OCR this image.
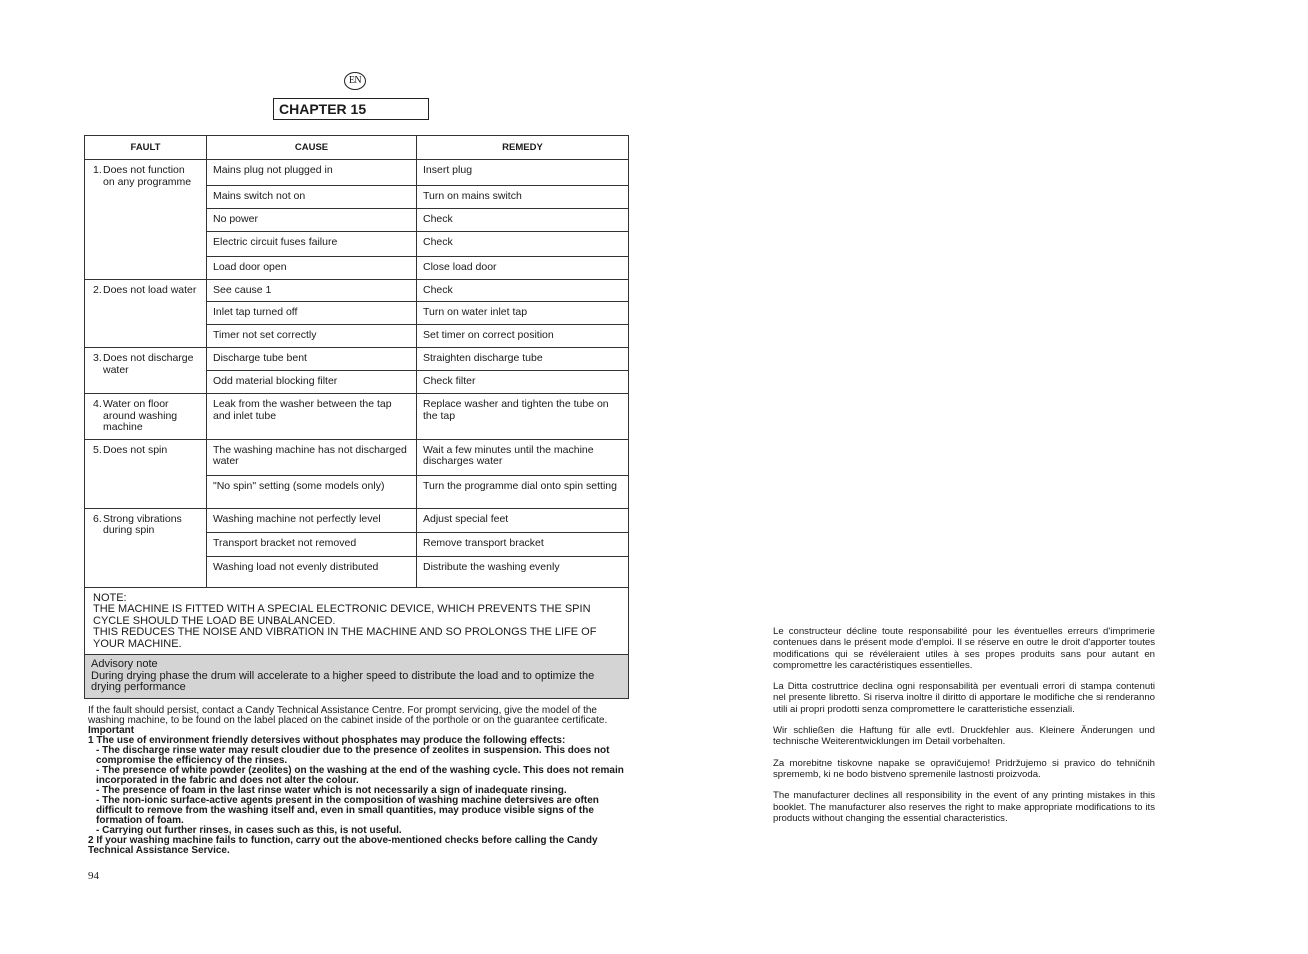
EN
CHAPTER 15
FAULT	CAUSE	REMEDY
1.Does not function on any programme	Mains plug not plugged in	Insert plug
	Mains switch not on	Turn on mains switch
	No power	Check
	Electric circuit fuses failure	Check
	Load door open	Close load door
2.Does not load water	See cause 1	Check
	Inlet tap turned off	Turn on water inlet tap
	Timer not set correctly	Set timer on correct position
3.Does not discharge water	Discharge tube bent	Straighten discharge tube
	Odd material blocking filter	Check filter
4.Water on floor around washing machine	Leak from the washer between the tap and inlet tube	Replace washer and tighten the tube on the tap
5.Does not spin	The washing machine has not discharged water	Wait a few minutes until the machine discharges water
	"No spin" setting (some models only)	Turn the programme dial onto spin setting
6.Strong vibrations during spin	Washing machine not perfectly level	Adjust special feet
	Transport bracket not removed	Remove transport bracket
	Washing load not evenly distributed	Distribute the washing evenly

NOTE:
THE MACHINE IS FITTED WITH A SPECIAL ELECTRONIC DEVICE, WHICH PREVENTS THE SPIN CYCLE SHOULD THE LOAD BE UNBALANCED.
THIS REDUCES THE NOISE AND VIBRATION IN THE MACHINE AND SO PROLONGS THE LIFE OF YOUR MACHINE.		

Advisory note
During drying phase the drum will accelerate to a higher speed to distribute the load and to optimize the drying performance		
If the fault should persist, contact a Candy Technical Assistance Centre. For prompt servicing, give the model of the washing machine, to be found on the label placed on the cabinet inside of the porthole or on the guarantee certificate.
Important
1 The use of environment friendly detersives without phosphates may produce the following effects:
- The discharge rinse water may result cloudier due to the presence of zeolites in suspension. This does not compromise the efficiency of the rinses.
- The presence of white powder (zeolites) on the washing at the end of the washing cycle. This does not remain incorporated in the fabric and does not alter the colour.
- The presence of foam in the last rinse water which is not necessarily a sign of inadequate rinsing.
- The non-ionic surface-active agents present in the composition of washing machine detersives are often difficult to remove from the washing itself and, even in small quantities, may produce visible signs of the formation of foam.
- Carrying out further rinses, in cases such as this, is not useful.
2 If your washing machine fails to function, carry out the above-mentioned checks before calling the Candy Technical Assistance Service.
94

Le constructeur décline toute responsabilité pour les éventuelles erreurs d'imprimerie contenues dans le présent mode d'emploi. Il se réserve en outre le droit d'apporter toutes modifications qui se révéleraient utiles à ses propes produits sans pour autant en compromettre les caractéristiques essentielles.

La Ditta costruttrice declina ogni responsabilità per eventuali errori di stampa contenuti nel presente libretto. Si riserva inoltre il diritto di apportare le modifiche che si renderanno utili ai propri prodotti senza compromettere le caratteristiche essenziali.

Wir schließen die Haftung für alle evtl. Druckfehler aus. Kleinere Änderungen und technische Weiterentwicklungen im Detail vorbehalten.

Za morebitne tiskovne napake se opravičujemo! Pridržujemo si pravico do tehničnih sprememb, ki ne bodo bistveno spremenile lastnosti proizvoda.

The manufacturer declines all responsibility in the event of any printing mistakes in this booklet. The manufacturer also reserves the right to make appropriate modifications to its products without changing the essential characteristics.
